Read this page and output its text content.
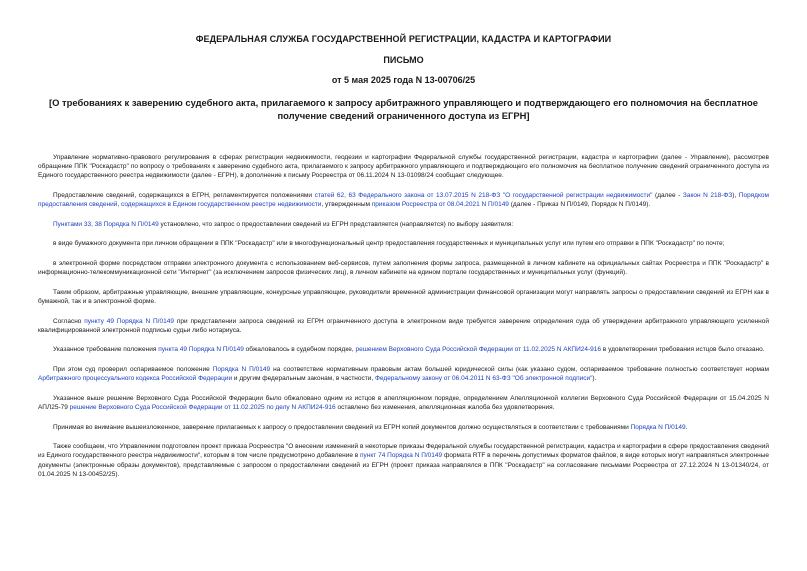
ФЕДЕРАЛЬНАЯ СЛУЖБА ГОСУДАРСТВЕННОЙ РЕГИСТРАЦИИ, КАДАСТРА И КАРТОГРАФИИ
ПИСЬМО
от 5 мая 2025 года N 13-00706/25
[О требованиях к заверению судебного акта, прилагаемого к запросу арбитражного управляющего и подтверждающего его полномочия на бесплатное получение сведений ограниченного доступа из ЕГРН]

Управление нормативно-правового регулирования в сферах регистрации недвижимости, геодезии и картографии Федеральной службы государственной регистрации, кадастра и картографии (далее - Управление), рассмотрев обращение ППК "Роскадастр" по вопросу о требованиях к заверению судебного акта, прилагаемого к запросу арбитражного управляющего и подтверждающего его полномочия на бесплатное получение сведений ограниченного доступа из Единого государственного реестра недвижимости (далее - ЕГРН), в дополнение к письму Росреестра от 06.11.2024 N 13-01098/24 сообщает следующее.

Предоставление сведений, содержащихся в ЕГРН, регламентируется положениями статей 62, 63 Федерального закона от 13.07.2015 N 218-ФЗ "О государственной регистрации недвижимости" (далее - Закон N 218-ФЗ), Порядком предоставления сведений, содержащихся в Едином государственном реестре недвижимости, утвержденным приказом Росреестра от 08.04.2021 N П/0149 (далее - Приказ N П/0149, Порядок N П/0149).

Пунктами 33, 38 Порядка N П/0149 установлено, что запрос о предоставлении сведений из ЕГРН представляется (направляется) по выбору заявителя:

в виде бумажного документа при личном обращении в ППК "Роскадастр" или в многофункциональный центр предоставления государственных и муниципальных услуг или путем его отправки в ППК "Роскадастр" по почте;

в электронной форме посредством отправки электронного документа с использованием веб-сервисов, путем заполнения формы запроса, размещенной в личном кабинете на официальных сайтах Росреестра и ППК "Роскадастр" в информационно-телекоммуникационной сети "Интернет" (за исключением запросов физических лиц), в личном кабинете на едином портале государственных и муниципальных услуг (функций).

Таким образом, арбитражные управляющие, внешние управляющие, конкурсные управляющие, руководители временной администрации финансовой организации могут направлять запросы о предоставлении сведений из ЕГРН как в бумажной, так и в электронной форме.

Согласно пункту 49 Порядка N П/0149 при представлении запроса сведений из ЕГРН ограниченного доступа в электронном виде требуется заверение определения суда об утверждении арбитражного управляющего усиленной квалифицированной электронной подписью судьи либо нотариуса.

Указанное требование положения пункта 49 Порядка N П/0149 обжаловалось в судебном порядке, решением Верховного Суда Российской Федерации от 11.02.2025 N АКПИ24-916 в удовлетворении требования истцов было отказано.

При этом суд проверил оспариваемое положение Порядка N П/0149 на соответствие нормативным правовым актам большей юридической силы (как указано судом, оспариваемое требование полностью соответствует нормам Арбитражного процессуального кодекса Российской Федерации и другим федеральным законам, в частности, Федеральному закону от 06.04.2011 N 63-ФЗ "Об электронной подписи").

Указанное выше решение Верховного Суда Российской Федерации было обжаловано одним из истцов в апелляционном порядке, определением Апелляционной коллегии Верховного Суда Российской Федерации от 15.04.2025 N АПЛ25-79 решение Верховного Суда Российской Федерации от 11.02.2025 по делу N АКПИ24-916 оставлено без изменения, апелляционная жалоба без удовлетворения.

Принимая во внимание вышеизложенное, заверение прилагаемых к запросу о предоставлении сведений из ЕГРН копий документов должно осуществляться в соответствии с требованиями Порядка N П/0149.

Также сообщаем, что Управлением подготовлен проект приказа Росреестра "О внесении изменений в некоторые приказы Федеральной службы государственной регистрации, кадастра и картографии в сфере предоставления сведений из Единого государственного реестра недвижимости", которым в том числе предусмотрено добавление в пункт 74 Порядка N П/0149 формата RTF в перечень допустимых форматов файлов, в виде которых могут направляться электронные документы (электронные образы документов), представляемые с запросом о предоставлении сведений из ЕГРН (проект приказа направлялся в ППК "Роскадастр" на согласование письмами Росреестра от 27.12.2024 N 13-01340/24, от 01.04.2025 N 13-00452/25).
